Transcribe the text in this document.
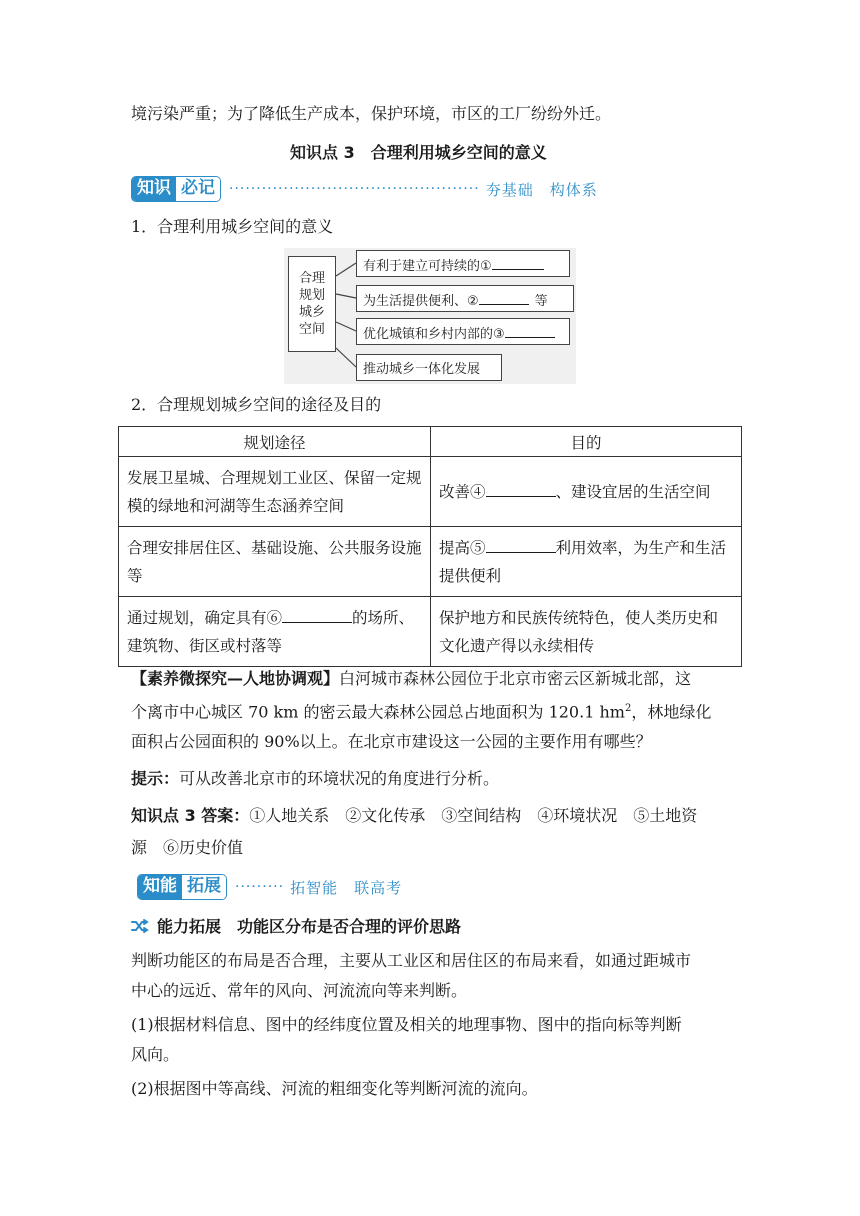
境污染严重；为了降低生产成本，保护环境，市区的工厂纷纷外迁。
知识点 3　合理利用城乡空间的意义
知识 必记	·············································· 夯基础　构体系
1．合理利用城乡空间的意义
合理
规划
城乡
空间
有利于建立可持续的①
为生活提供便利、②	等
优化城镇和乡村内部的③
推动城乡一体化发展
2．合理规划城乡空间的途径及目的
规划途径	目的
发展卫星城、合理规划工业区、保留一定规模的绿地和河湖等生态涵养空间	改善④ 、建设宜居的生活空间
合理安排居住区、基础设施、公共服务设施等	提高⑤ 利用效率，为生产和生活提供便利
通过规划，确定具有⑥ 的场所、建筑物、街区或村落等	保护地方和民族传统特色，使人类历史和文化遗产得以永续相传
【素养微探究—人地协调观】白河城市森林公园位于北京市密云区新城北部，这
个离市中心城区 70 km 的密云最大森林公园总占地面积为 120.1 $hm^2$，林地绿化
面积占公园面积的 90%以上。在北京市建设这一公园的主要作用有哪些？
提示：可从改善北京市的环境状况的角度进行分析。
知识点 3 答案：①人地关系　②文化传承　③空间结构　④环境状况　⑤土地资
源　⑥历史价值
知能 拓展	········· 拓智能　联高考
能力拓展　功能区分布是否合理的评价思路
判断功能区的布局是否合理，主要从工业区和居住区的布局来看，如通过距城市
中心的远近、常年的风向、河流流向等来判断。
(1)根据材料信息、图中的经纬度位置及相关的地理事物、图中的指向标等判断
风向。
(2)根据图中等高线、河流的粗细变化等判断河流的流向。
